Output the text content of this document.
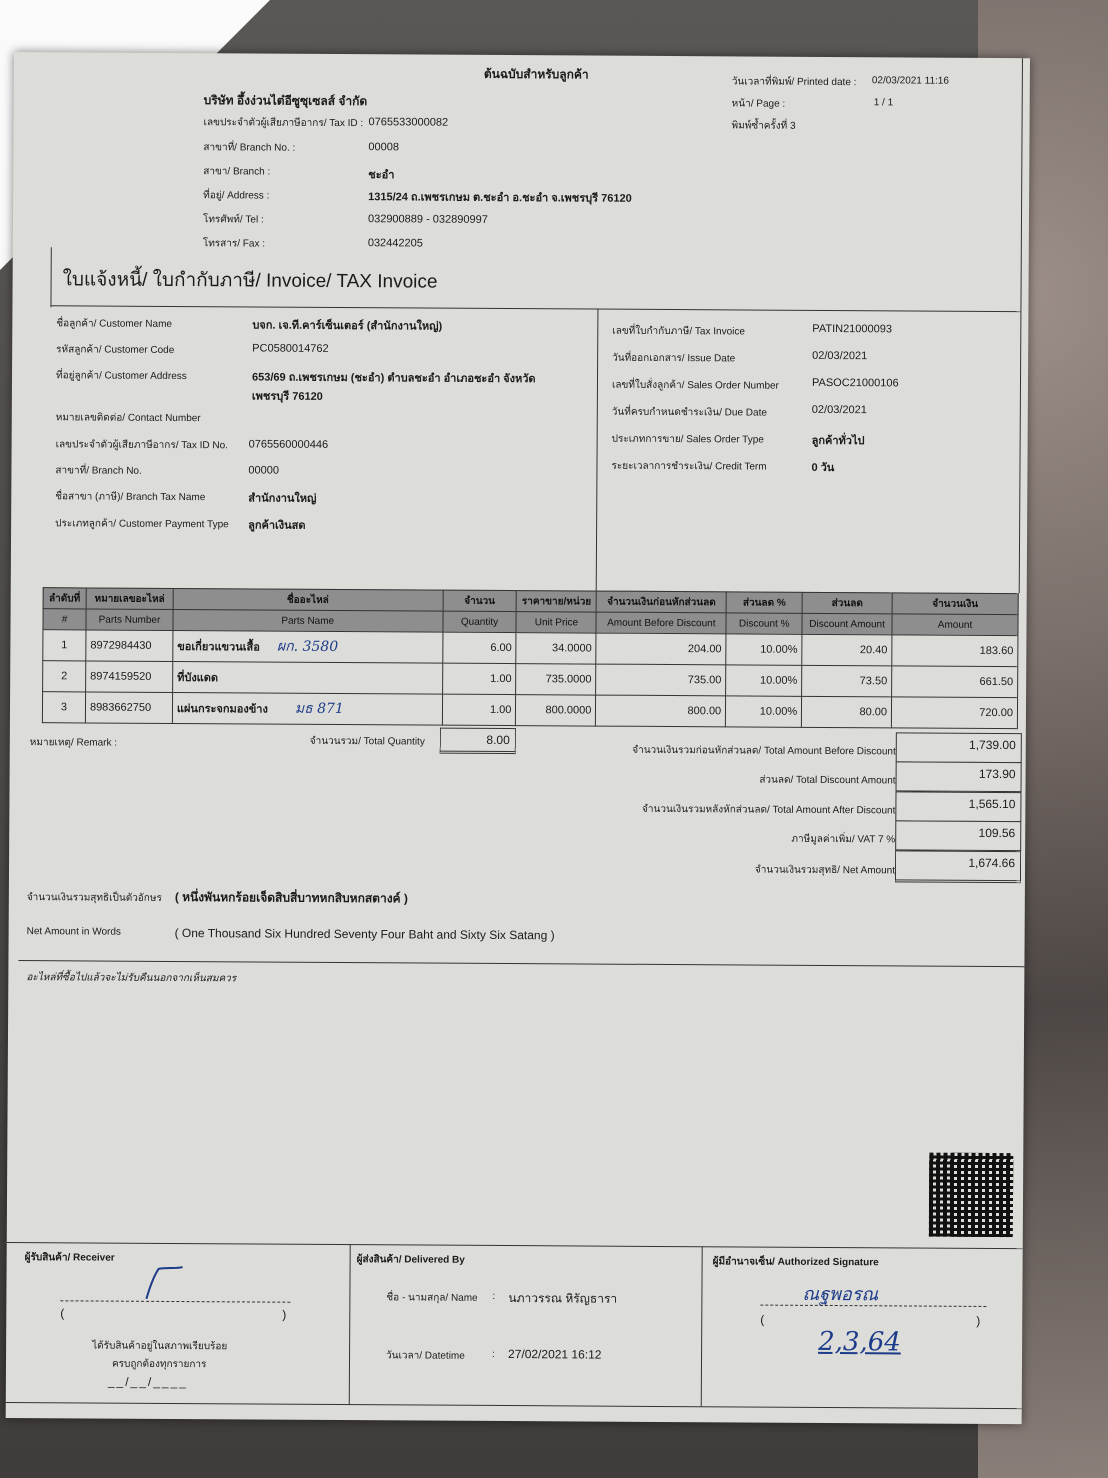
ต้นฉบับสำหรับลูกค้า
วันเวลาที่พิมพ์/ Printed date : 02/03/2021 11:16
หน้า/ Page :	1 / 1
พิมพ์ซ้ำครั้งที่ 3
บริษัท อึ้งง่วนไต๋อีซูซุเซลส์ จำกัด
เลขประจำตัวผู้เสียภาษีอากร/ Tax ID : 0765533000082
สาขาที่/ Branch No. :	00008
สาขา/ Branch :	ชะอำ
ที่อยู่/ Address :	1315/24 ถ.เพชรเกษม ต.ชะอำ อ.ชะอำ จ.เพชรบุรี 76120
โทรศัพท์/ Tel :	032900889 - 032890997
โทรสาร/ Fax :	032442205
ใบแจ้งหนี้/ ใบกำกับภาษี/ Invoice/ TAX Invoice
ชื่อลูกค้า/ Customer Name	บจก. เจ.ที.คาร์เซ็นเตอร์ (สำนักงานใหญ่)
รหัสลูกค้า/ Customer Code	PC0580014762
ที่อยู่ลูกค้า/ Customer Address	653/69 ถ.เพชรเกษม (ชะอำ) ตำบลชะอำ อำเภอชะอำ จังหวัด
เพชรบุรี 76120
หมายเลขติดต่อ/ Contact Number
เลขประจำตัวผู้เสียภาษีอากร/ Tax ID No. 0765560000446
สาขาที่/ Branch No.	00000
ชื่อสาขา (ภาษี)/ Branch Tax Name	สำนักงานใหญ่
ประเภทลูกค้า/ Customer Payment Type ลูกค้าเงินสด
เลขที่ใบกำกับภาษี/ Tax Invoice	PATIN21000093
วันที่ออกเอกสาร/ Issue Date	02/03/2021
เลขที่ใบสั่งลูกค้า/ Sales Order Number	PASOC21000106
วันที่ครบกำหนดชำระเงิน/ Due Date	02/03/2021
ประเภทการขาย/ Sales Order Type	ลูกค้าทั่วไป
ระยะเวลาการชำระเงิน/ Credit Term	0 วัน
ลำดับที่	หมายเลขอะไหล่	ชื่ออะไหล่	จำนวน	ราคาขาย/หน่วย	จำนวนเงินก่อนหักส่วนลด	ส่วนลด %	ส่วนลด	จำนวนเงิน
#	Parts Number	Parts Name	Quantity	Unit Price	Amount Before Discount	Discount %	Discount Amount	Amount
1	8972984430	ขอเกี่ยวแขวนเสื้อ ผก. 3580	6.00	34.0000	204.00	10.00%	20.40	183.60
2	8974159520	ที่บังแดด	1.00	735.0000	735.00	10.00%	73.50	661.50
3	8983662750	แผ่นกระจกมองข้าง มธ 871	1.00	800.0000	800.00	10.00%	80.00	720.00
หมายเหตุ/ Remark :	จำนวนรวม/ Total Quantity	8.00
จำนวนเงินรวมก่อนหักส่วนลด/ Total Amount Before Discount	1,739.00
ส่วนลด/ Total Discount Amount	173.90
จำนวนเงินรวมหลังหักส่วนลด/ Total Amount After Discount	1,565.10
ภาษีมูลค่าเพิ่ม/ VAT 7 %	109.56
จำนวนเงินรวมสุทธิ/ Net Amount
1,674.66
จำนวนเงินรวมสุทธิเป็นตัวอักษร ( หนึ่งพันหกร้อยเจ็ดสิบสี่บาทหกสิบหกสตางค์ )
Net Amount in Words	( One Thousand Six Hundred Seventy Four Baht and Sixty Six Satang )
อะไหล่ที่ซื้อไปแล้วจะไม่รับคืนนอกจากเห็นสมควร
ผู้รับสินค้า/ Receiver
(	)
ได้รับสินค้าอยู่ในสภาพเรียบร้อย
ครบถูกต้องทุกรายการ
__/__/____
ผู้ส่งสินค้า/ Delivered By
ชื่อ - นามสกุล/ Name : นภาวรรณ หิรัญธารา
วันเวลา/ Datetime	: 27/02/2021 16:12
ผู้มีอำนาจเซ็น/ Authorized Signature
ณฐพอรณ
(	)
2,3,64
